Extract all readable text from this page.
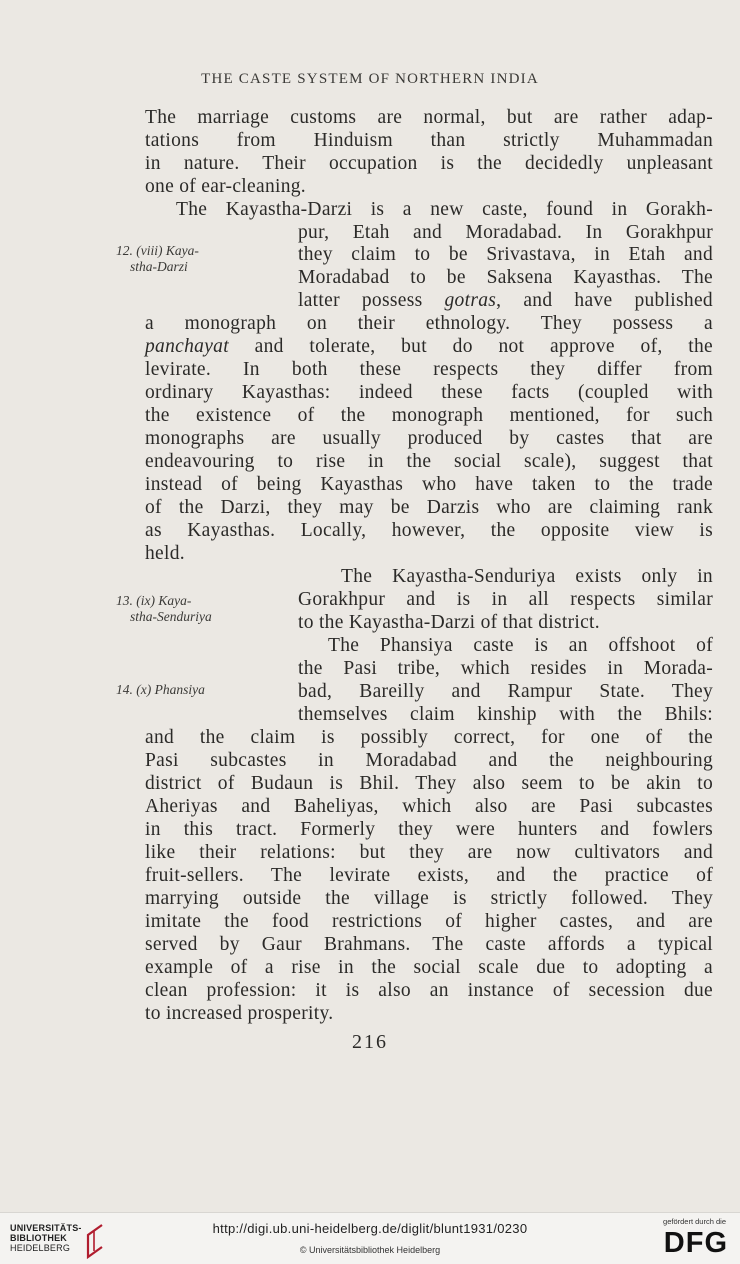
THE CASTE SYSTEM OF NORTHERN INDIA
12. (viii) Kaya-
stha-Darzi
13. (ix) Kaya-
stha-Senduriya
14. (x) Phansiya
The marriage customs are normal, but are rather adap-
tations from Hinduism than strictly Muhammadan
in nature. Their occupation is the decidedly unpleasant
one of ear-cleaning.
The Kayastha-Darzi is a new caste, found in Gorakh-
pur, Etah and Moradabad. In Gorakhpur
they claim to be Srivastava, in Etah and
Moradabad to be Saksena Kayasthas. The
latter possess gotras, and have published
a monograph on their ethnology. They possess a
panchayat and tolerate, but do not approve of, the
levirate. In both these respects they differ from
ordinary Kayasthas: indeed these facts (coupled with
the existence of the monograph mentioned, for such
monographs are usually produced by castes that are
endeavouring to rise in the social scale), suggest that
instead of being Kayasthas who have taken to the trade
of the Darzi, they may be Darzis who are claiming rank
as Kayasthas. Locally, however, the opposite view is
held.
The Kayastha-Senduriya exists only in
Gorakhpur and is in all respects similar
to the Kayastha-Darzi of that district.
The Phansiya caste is an offshoot of
the Pasi tribe, which resides in Morada-
bad, Bareilly and Rampur State. They
themselves claim kinship with the Bhils:
and the claim is possibly correct, for one of the
Pasi subcastes in Moradabad and the neighbouring
district of Budaun is Bhil. They also seem to be akin to
Aheriyas and Baheliyas, which also are Pasi subcastes
in this tract. Formerly they were hunters and fowlers
like their relations: but they are now cultivators and
fruit-sellers. The levirate exists, and the practice of
marrying outside the village is strictly followed. They
imitate the food restrictions of higher castes, and are
served by Gaur Brahmans. The caste affords a typical
example of a rise in the social scale due to adopting a
clean profession: it is also an instance of secession due
to increased prosperity.
216
UNIVERSITÄTS-
BIBLIOTHEK
HEIDELBERG
http://digi.ub.uni-heidelberg.de/diglit/blunt1931/0230
© Universitätsbibliothek Heidelberg
gefördert durch die
DFG
